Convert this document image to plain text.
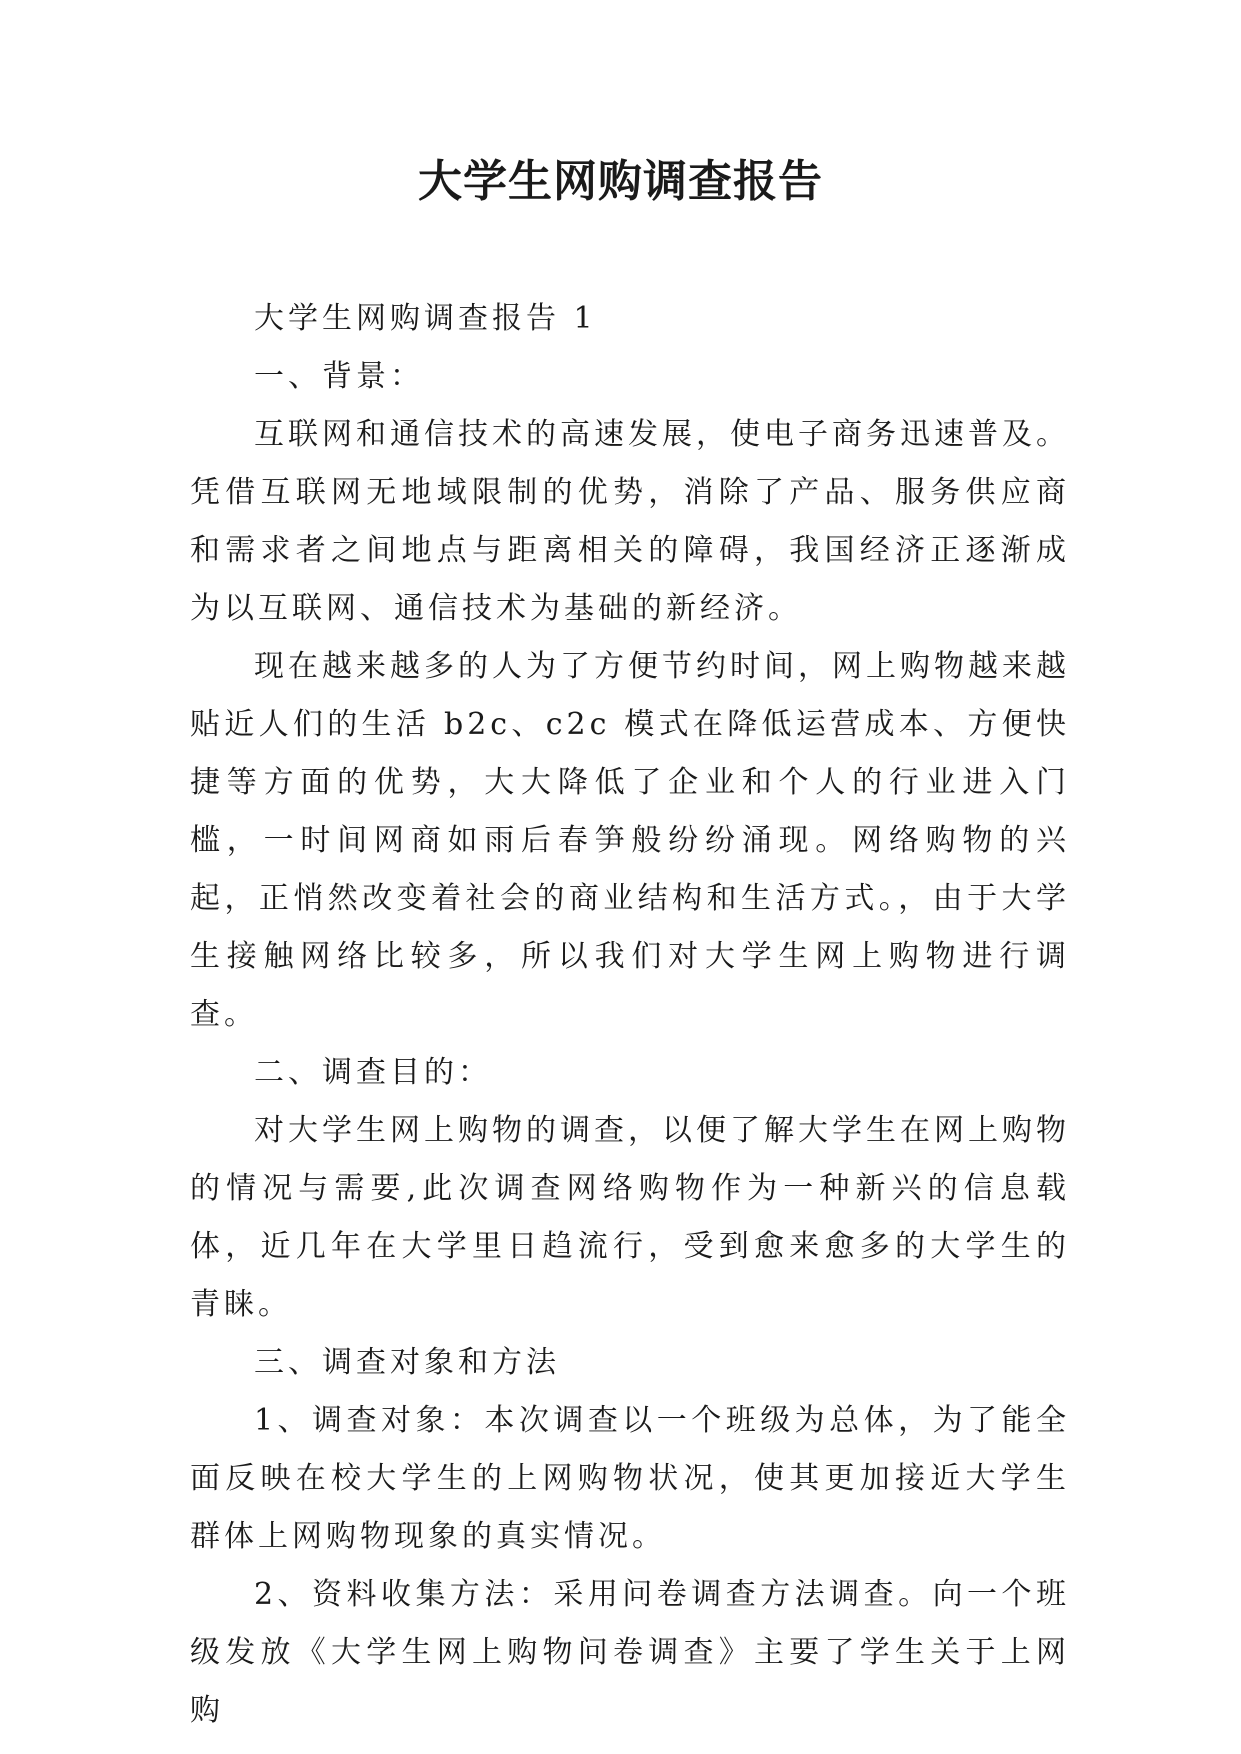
大学生网购调查报告

大学生网购调查报告 1

一、背景：

互联网和通信技术的高速发展，使电子商务迅速普及。凭借互联网无地域限制的优势，消除了产品、服务供应商和需求者之间地点与距离相关的障碍，我国经济正逐渐成为以互联网、通信技术为基础的新经济。

现在越来越多的人为了方便节约时间，网上购物越来越贴近人们的生活 b2c、c2c 模式在降低运营成本、方便快捷等方面的优势，大大降低了企业和个人的行业进入门槛，一时间网商如雨后春笋般纷纷涌现。网络购物的兴起，正悄然改变着社会的商业结构和生活方式。，由于大学生接触网络比较多，所以我们对大学生网上购物进行调查。

二、调查目的：

对大学生网上购物的调查，以便了解大学生在网上购物的情况与需要,此次调查网络购物作为一种新兴的信息载体，近几年在大学里日趋流行，受到愈来愈多的大学生的青睐。

三、调查对象和方法

1、调查对象：本次调查以一个班级为总体，为了能全面反映在校大学生的上网购物状况，使其更加接近大学生群体上网购物现象的真实情况。

2、资料收集方法：采用问卷调查方法调查。向一个班级发放《大学生网上购物问卷调查》主要了学生关于上网购
